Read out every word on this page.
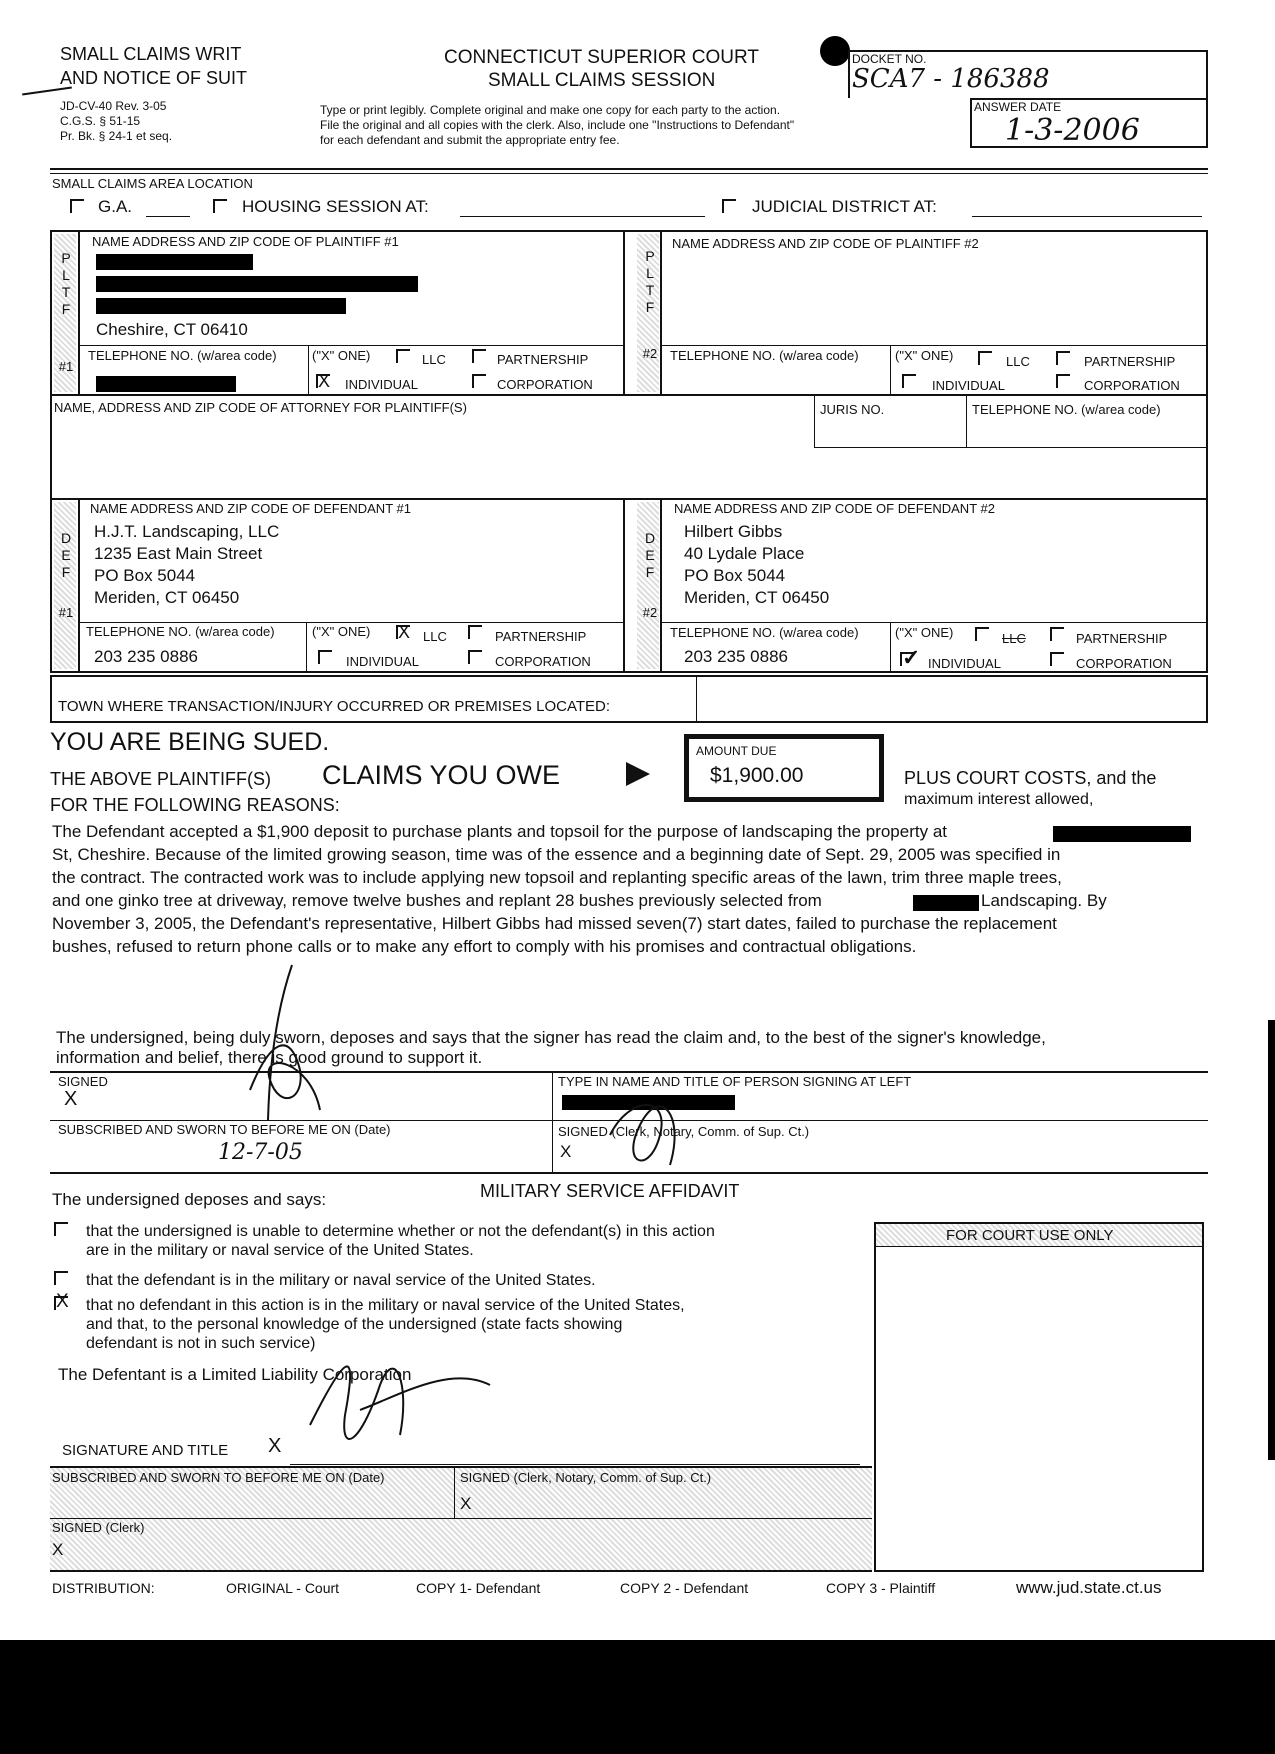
SMALL CLAIMS WRIT
AND NOTICE OF SUIT
JD-CV-40 Rev. 3-05
C.G.S. § 51-15
Pr. Bk. § 24-1 et seq.
CONNECTICUT SUPERIOR COURT
SMALL CLAIMS SESSION
Type or print legibly. Complete original and make one copy for each party to the action.
File the original and all copies with the clerk. Also, include one "Instructions to Defendant"
for each defendant and submit the appropriate entry fee.
DOCKET NO.
SCA7 - 186388
ANSWER DATE
1-3-2006
SMALL CLAIMS AREA LOCATION
G.A.	HOUSING SESSION AT:	JUDICIAL DISTRICT AT:
P
L
T
F
#1
NAME ADDRESS AND ZIP CODE OF PLAINTIFF #1
Cheshire, CT 06410
TELEPHONE NO. (w/area code)	("X" ONE)	LLC	PARTNERSHIP
X INDIVIDUAL	CORPORATION
P
L
T
F
#2
NAME ADDRESS AND ZIP CODE OF PLAINTIFF #2
TELEPHONE NO. (w/area code)	("X" ONE)	LLC	PARTNERSHIP
INDIVIDUAL	CORPORATION
NAME, ADDRESS AND ZIP CODE OF ATTORNEY FOR PLAINTIFF(S)	JURIS NO.	TELEPHONE NO. (w/area code)
D
E
F
#1
NAME ADDRESS AND ZIP CODE OF DEFENDANT #1
H.J.T. Landscaping, LLC
1235 East Main Street
PO Box 5044
Meriden, CT 06450
TELEPHONE NO. (w/area code)
203 235 0886
("X" ONE) X LLC	PARTNERSHIP
INDIVIDUAL	CORPORATION
D
E
F
#2
NAME ADDRESS AND ZIP CODE OF DEFENDANT #2
Hilbert Gibbs
40 Lydale Place
PO Box 5044
Meriden, CT 06450
TELEPHONE NO. (w/area code)
203 235 0886
("X" ONE)	LLC	PARTNERSHIP
✓ INDIVIDUAL	CORPORATION
TOWN WHERE TRANSACTION/INJURY OCCURRED OR PREMISES LOCATED:
YOU ARE BEING SUED.
THE ABOVE PLAINTIFF(S) CLAIMS YOU OWE
FOR THE FOLLOWING REASONS:
AMOUNT DUE
$1,900.00	PLUS COURT COSTS, and the
maximum interest allowed,
The Defendant accepted a $1,900 deposit to purchase plants and topsoil for the purpose of landscaping the property at
St, Cheshire. Because of the limited growing season, time was of the essence and a beginning date of Sept. 29, 2005 was specified in
the contract. The contracted work was to include applying new topsoil and replanting specific areas of the lawn, trim three maple trees,
and one ginko tree at driveway, remove twelve bushes and replant 28 bushes previously selected from	Landscaping. By
November 3, 2005, the Defendant's representative, Hilbert Gibbs had missed seven(7) start dates, failed to purchase the replacement
bushes, refused to return phone calls or to make any effort to comply with his promises and contractual obligations.
The undersigned, being duly sworn, deposes and says that the signer has read the claim and, to the best of the signer's knowledge,
information and belief, there is good ground to support it.
SIGNED
X
TYPE IN NAME AND TITLE OF PERSON SIGNING AT LEFT
SUBSCRIBED AND SWORN TO BEFORE ME ON (Date)
12-7-05
SIGNED (Clerk, Notary, Comm. of Sup. Ct.)
X
MILITARY SERVICE AFFIDAVIT
The undersigned deposes and says:
that the undersigned is unable to determine whether or not the defendant(s) in this action
are in the military or naval service of the United States.
that the defendant is in the military or naval service of the United States.
X that no defendant in this action is in the military or naval service of the United States,
and that, to the personal knowledge of the undersigned (state facts showing
defendant is not in such service)
The Defentant is a Limited Liability Corporation
SIGNATURE AND TITLE X
SUBSCRIBED AND SWORN TO BEFORE ME ON (Date)	SIGNED (Clerk, Notary, Comm. of Sup. Ct.)
X
SIGNED (Clerk)
X
FOR COURT USE ONLY
DISTRIBUTION:	ORIGINAL - Court	COPY 1- Defendant	COPY 2 - Defendant	COPY 3 - Plaintiff	www.jud.state.ct.us
